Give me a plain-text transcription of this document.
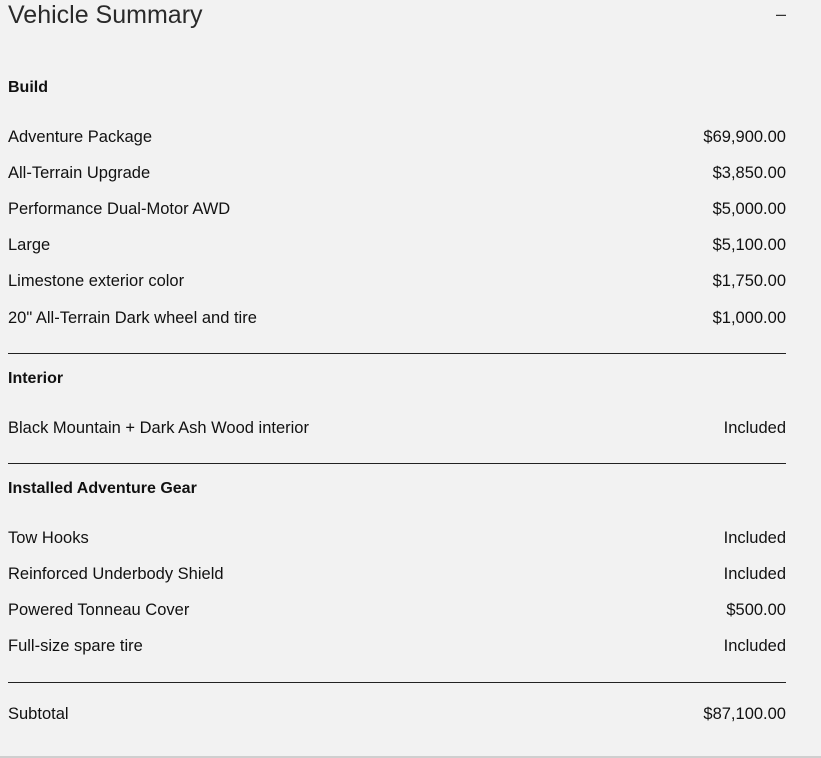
Vehicle Summary	–
Build
Adventure Package	$69,900.00
All-Terrain Upgrade	$3,850.00
Performance Dual-Motor AWD	$5,000.00
Large	$5,100.00
Limestone exterior color	$1,750.00
20" All-Terrain Dark wheel and tire	$1,000.00
Interior
Black Mountain + Dark Ash Wood interior	Included
Installed Adventure Gear
Tow Hooks	Included
Reinforced Underbody Shield	Included
Powered Tonneau Cover	$500.00
Full-size spare tire	Included
Subtotal	$87,100.00
